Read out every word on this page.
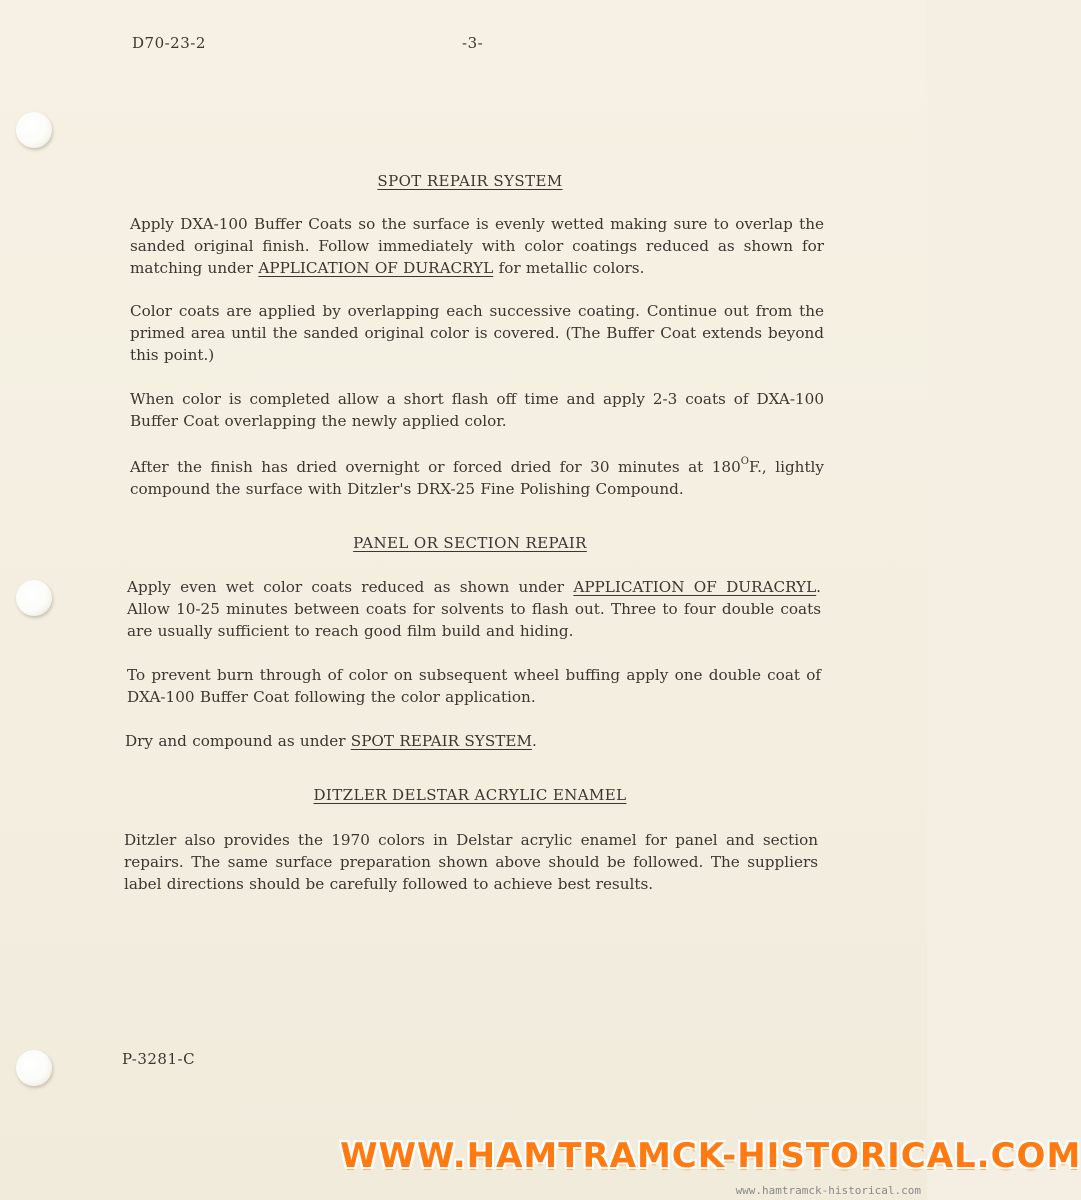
D70-23-2	-3-
SPOT REPAIR SYSTEM
Apply DXA-100 Buffer Coats so the surface is evenly wetted making sure to overlap the sanded original finish. Follow immediately with color coatings reduced as shown for matching under APPLICATION OF DURACRYL for metallic colors.
Color coats are applied by overlapping each successive coating. Continue out from the primed area until the sanded original color is covered. (The Buffer Coat extends beyond this point.)
When color is completed allow a short flash off time and apply 2-3 coats of DXA-100 Buffer Coat overlapping the newly applied color.
After the finish has dried overnight or forced dried for 30 minutes at $180^OF$., lightly compound the surface with Ditzler's DRX-25 Fine Polishing Compound.
PANEL OR SECTION REPAIR
Apply even wet color coats reduced as shown under APPLICATION OF DURACRYL. Allow 10-25 minutes between coats for solvents to flash out. Three to four double coats are usually sufficient to reach good film build and hiding.
To prevent burn through of color on subsequent wheel buffing apply one double coat of DXA-100 Buffer Coat following the color application.
Dry and compound as under SPOT REPAIR SYSTEM.
DITZLER DELSTAR ACRYLIC ENAMEL
Ditzler also provides the 1970 colors in Delstar acrylic enamel for panel and section repairs. The same surface preparation shown above should be followed. The suppliers label directions should be carefully followed to achieve best results.
P-3281-C
WWW.HAMTRAMCK-HISTORICAL.COM
www.hamtramck-historical.com
